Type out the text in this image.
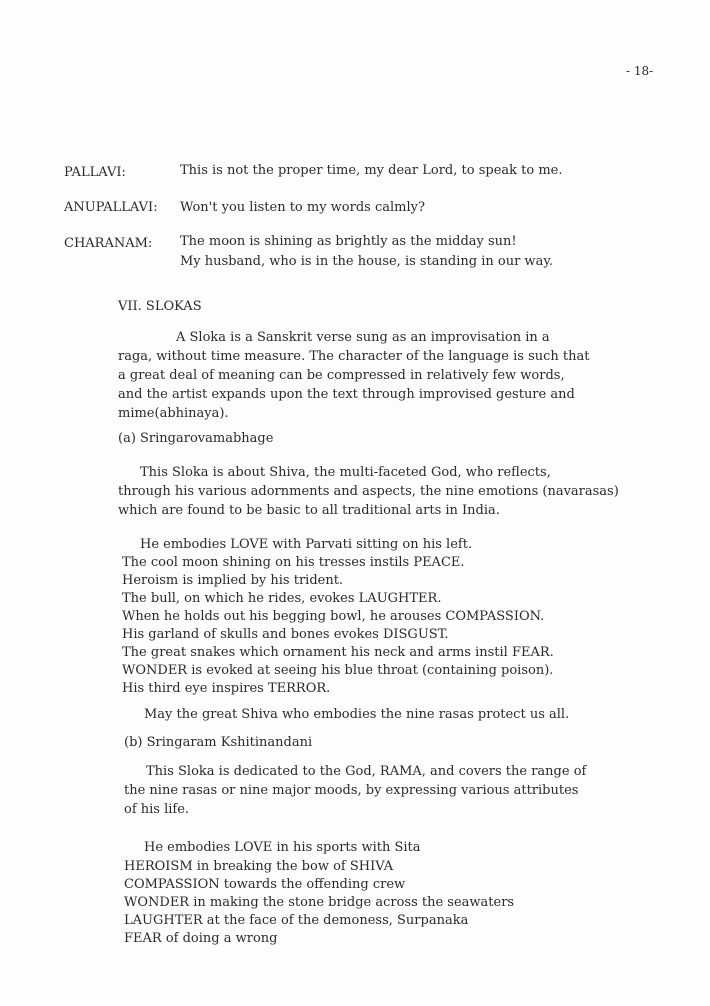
- 18-
PALLAVI:	This is not the proper time, my dear Lord, to speak to me.
ANUPALLAVI: Won't you listen to my words calmly?
CHARANAM: The moon is shining as brightly as the midday sun!
My husband, who is in the house, is standing in our way.
VII. SLOKAS
A Sloka is a Sanskrit verse sung as an improvisation in a
raga, without time measure. The character of the language is such that
a great deal of meaning can be compressed in relatively few words,
and the artist expands upon the text through improvised gesture and
mime(abhinaya).
(a) Sringarovamabhage
This Sloka is about Shiva, the multi-faceted God, who reflects,
through his various adornments and aspects, the nine emotions (navarasas)
which are found to be basic to all traditional arts in India.
He embodies LOVE with Parvati sitting on his left.
The cool moon shining on his tresses instils PEACE.
Heroism is implied by his trident.
The bull, on which he rides, evokes LAUGHTER.
When he holds out his begging bowl, he arouses COMPASSION.
His garland of skulls and bones evokes DISGUST.
The great snakes which ornament his neck and arms instil FEAR.
WONDER is evoked at seeing his blue throat (containing poison).
His third eye inspires TERROR.
May the great Shiva who embodies the nine rasas protect us all.
(b) Sringaram Kshitinandani
This Sloka is dedicated to the God, RAMA, and covers the range of
the nine rasas or nine major moods, by expressing various attributes
of his life.
He embodies LOVE in his sports with Sita
HEROISM in breaking the bow of SHIVA
COMPASSION towards the offending crew
WONDER in making the stone bridge across the seawaters
LAUGHTER at the face of the demoness, Surpanaka
FEAR of doing a wrong
